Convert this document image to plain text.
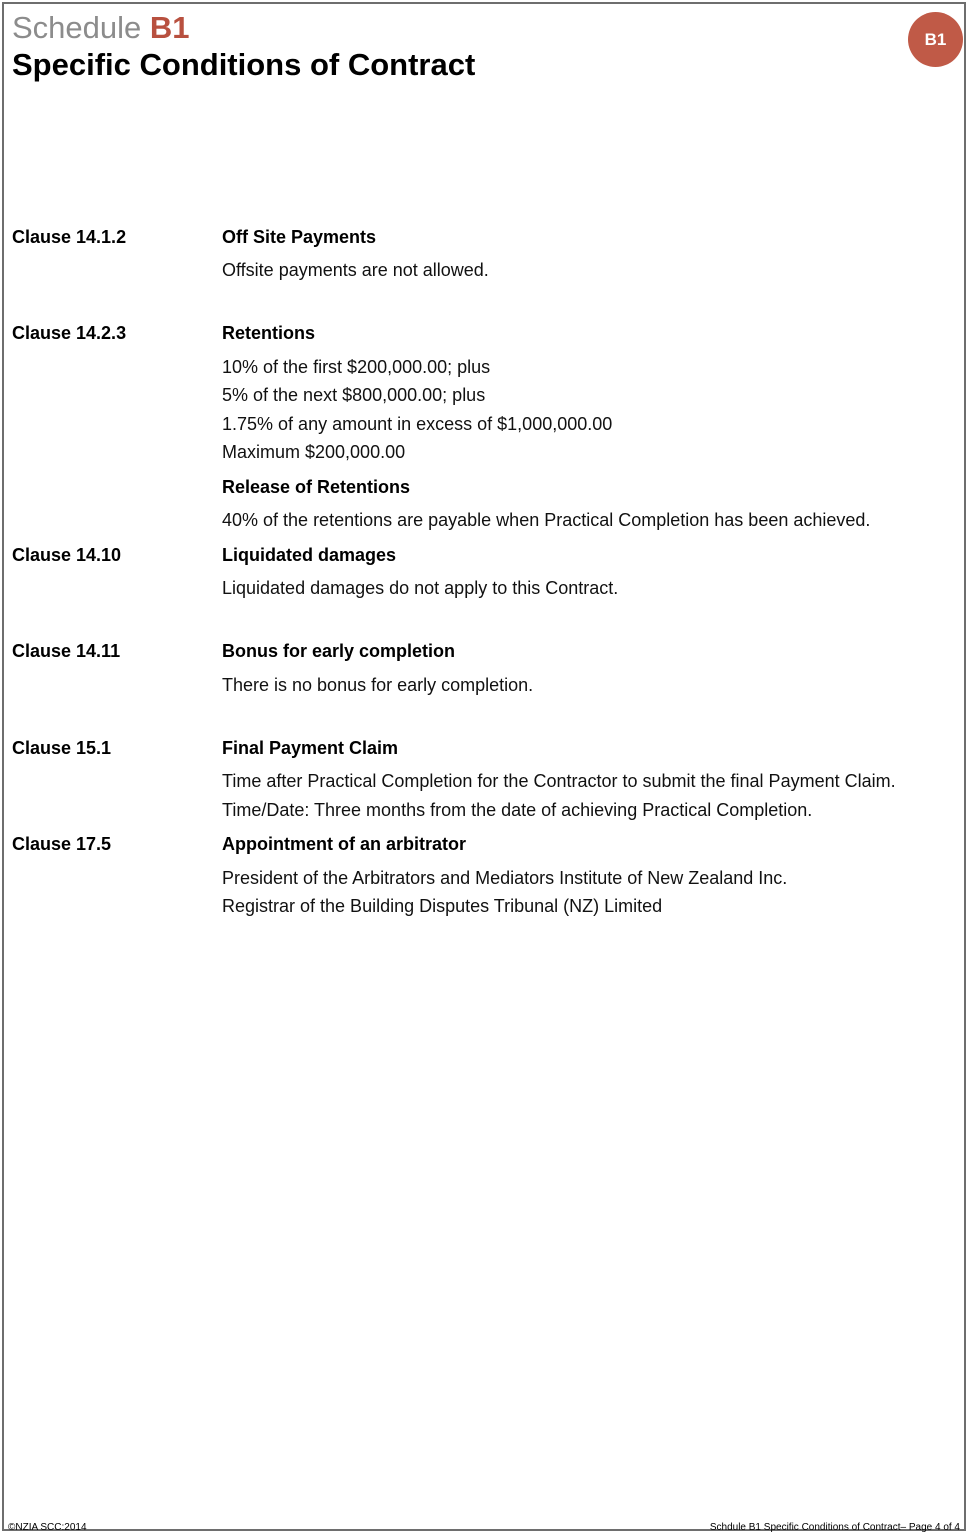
Schedule B1
Specific Conditions of Contract
B1
Clause 14.1.2	Off Site Payments
Offsite payments are not allowed.
Clause 14.2.3	Retentions
10% of the first $200,000.00; plus
5% of the next $800,000.00; plus
1.75% of any amount in excess of $1,000,000.00
Maximum $200,000.00
Release of Retentions
40% of the retentions are payable when Practical Completion has been achieved.
Clause 14.10	Liquidated damages
Liquidated damages do not apply to this Contract.
Clause 14.11	Bonus for early completion
There is no bonus for early completion.
Clause 15.1	Final Payment Claim
Time after Practical Completion for the Contractor to submit the final Payment Claim.
Time/Date: Three months from the date of achieving Practical Completion.
Clause 17.5	Appointment of an arbitrator
President of the Arbitrators and Mediators Institute of New Zealand Inc.
Registrar of the Building Disputes Tribunal (NZ) Limited
©NZIA SCC:2014	Schdule B1 Specific Conditions of Contract– Page 4 of 4
